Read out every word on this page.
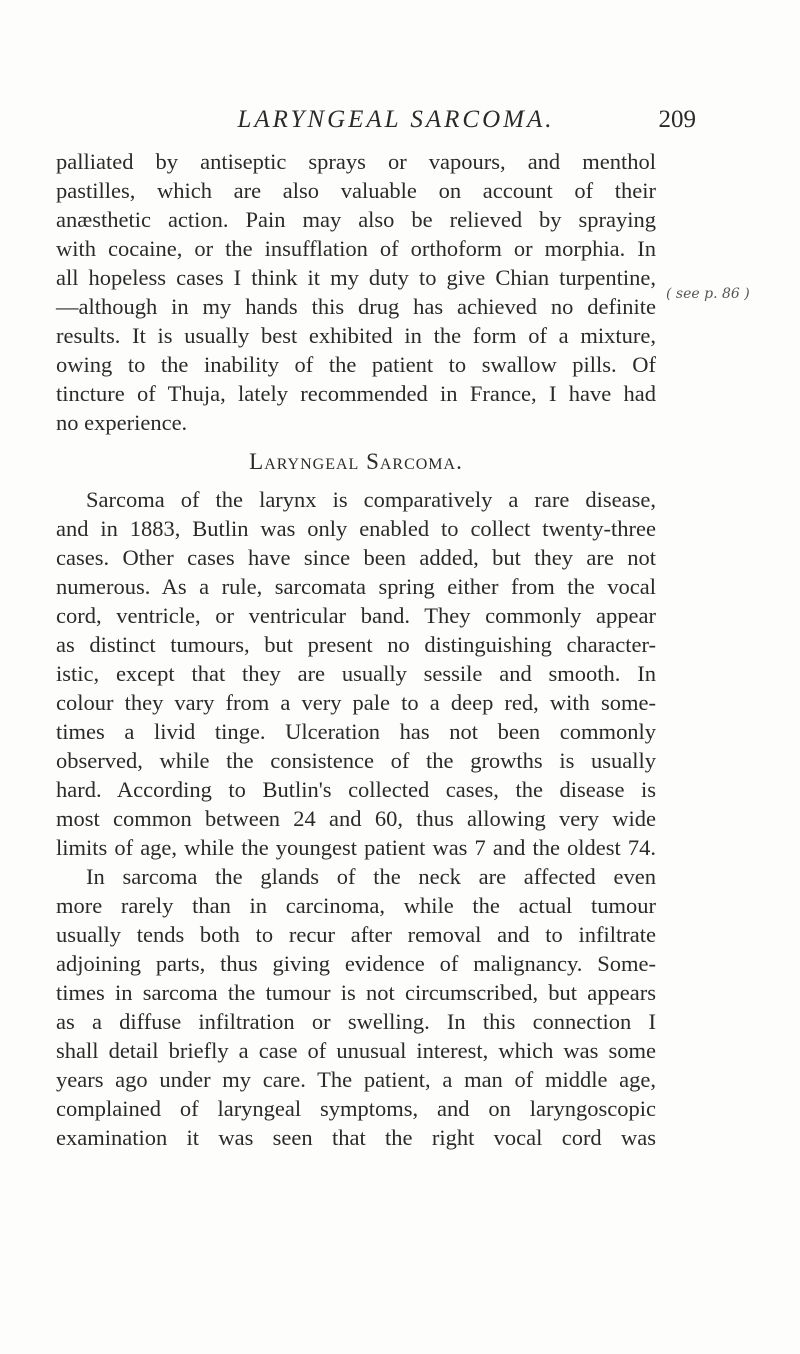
LARYNGEAL SARCOMA.	209
( see p. 86 )
palliated by antiseptic sprays or vapours, and menthol
pastilles, which are also valuable on account of their
anæsthetic action. Pain may also be relieved by spraying
with cocaine, or the insufflation of orthoform or morphia. In
all hopeless cases I think it my duty to give Chian turpentine,
—although in my hands this drug has achieved no definite
results. It is usually best exhibited in the form of a mixture,
owing to the inability of the patient to swallow pills. Of
tincture of Thuja, lately recommended in France, I have had
no experience.
Laryngeal Sarcoma.
Sarcoma of the larynx is comparatively a rare disease,
and in 1883, Butlin was only enabled to collect twenty-three
cases. Other cases have since been added, but they are not
numerous. As a rule, sarcomata spring either from the vocal
cord, ventricle, or ventricular band. They commonly appear
as distinct tumours, but present no distinguishing character-
istic, except that they are usually sessile and smooth. In
colour they vary from a very pale to a deep red, with some-
times a livid tinge. Ulceration has not been commonly
observed, while the consistence of the growths is usually
hard. According to Butlin's collected cases, the disease is
most common between 24 and 60, thus allowing very wide
limits of age, while the youngest patient was 7 and the oldest 74.
In sarcoma the glands of the neck are affected even
more rarely than in carcinoma, while the actual tumour
usually tends both to recur after removal and to infiltrate
adjoining parts, thus giving evidence of malignancy. Some-
times in sarcoma the tumour is not circumscribed, but appears
as a diffuse infiltration or swelling. In this connection I
shall detail briefly a case of unusual interest, which was some
years ago under my care. The patient, a man of middle age,
complained of laryngeal symptoms, and on laryngoscopic
examination it was seen that the right vocal cord was
